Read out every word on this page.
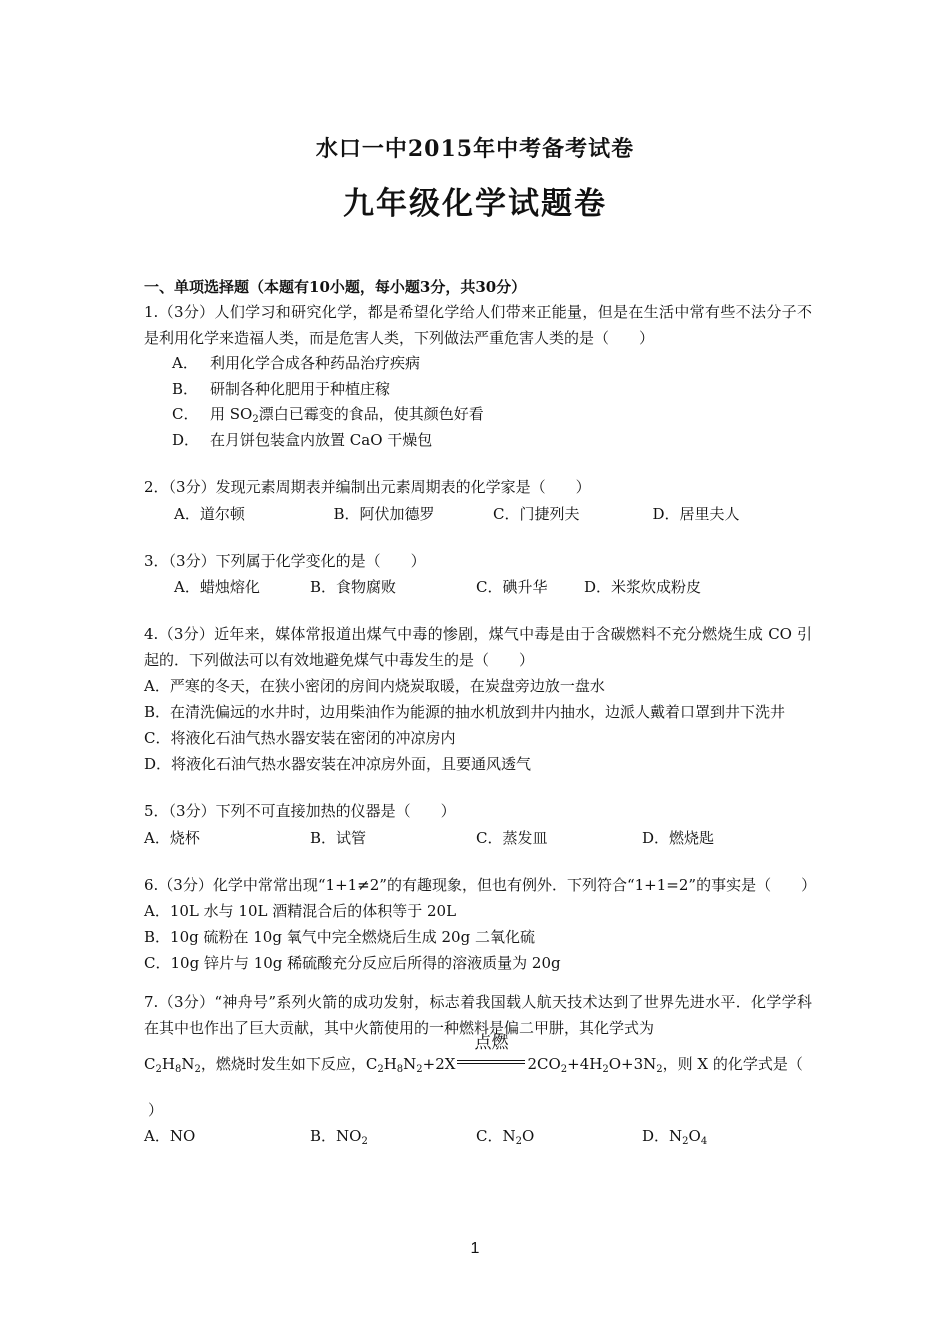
水口一中2015年中考备考试卷
九年级化学试题卷
一、单项选择题（本题有10小题，每小题3分，共30分）
1.（3分）人们学习和研究化学，都是希望化学给人们带来正能量，但是在生活中常有些不法分子不是利用化学来造福人类，而是危害人类，下列做法严重危害人类的是（　　）
A． 利用化学合成各种药品治疗疾病
B． 研制各种化肥用于种植庄稼
C． 用 $SO_2$漂白已霉变的食品，使其颜色好看
D． 在月饼包装盒内放置 CaO 干燥包
2．（3分）发现元素周期表并编制出元素周期表的化学家是（　　）
A．道尔顿	B．阿伏加德罗	C．门捷列夫	D．居里夫人
3．（3分）下列属于化学变化的是（　　）
A．蜡烛熔化	B．食物腐败	C．碘升华	D．米浆炊成粉皮
4.（3分）近年来，媒体常报道出煤气中毒的惨剧，煤气中毒是由于含碳燃料不充分燃烧生成 CO 引起的．下列做法可以有效地避免煤气中毒发生的是（　　）
A．严寒的冬天，在狭小密闭的房间内烧炭取暖，在炭盘旁边放一盘水
B．在清洗偏远的水井时，边用柴油作为能源的抽水机放到井内抽水，边派人戴着口罩到井下洗井
C．将液化石油气热水器安装在密闭的冲凉房内
D．将液化石油气热水器安装在冲凉房外面，且要通风透气
5．（3分）下列不可直接加热的仪器是（　　）
A．烧杯	B．试管	C．蒸发皿	D．燃烧匙
6.（3分）化学中常常出现“1+1≠2”的有趣现象，但也有例外．下列符合“1+1=2”的事实是（　　）
A．10L 水与 10L 酒精混合后的体积等于 20L
B．10g 硫粉在 10g 氧气中完全燃烧后生成 20g 二氧化硫
C．10g 锌片与 10g 稀硫酸充分反应后所得的溶液质量为 20g
7.（3分）“神舟号”系列火箭的成功发射，标志着我国载人航天技术达到了世界先进水平．化学学科在其中也作出了巨大贡献，其中火箭使用的一种燃料是偏二甲肼，其化学式为
$C_2H_8N_2$，燃烧时发生如下反应，$C_2H_8N_2+2X$
点燃
$2CO_2+4H_2O+3N_2$，则 X 的化学式是（
）
A．NO	B．$NO_2$	C．$N_2O$	D．$N_2O_4$
1
